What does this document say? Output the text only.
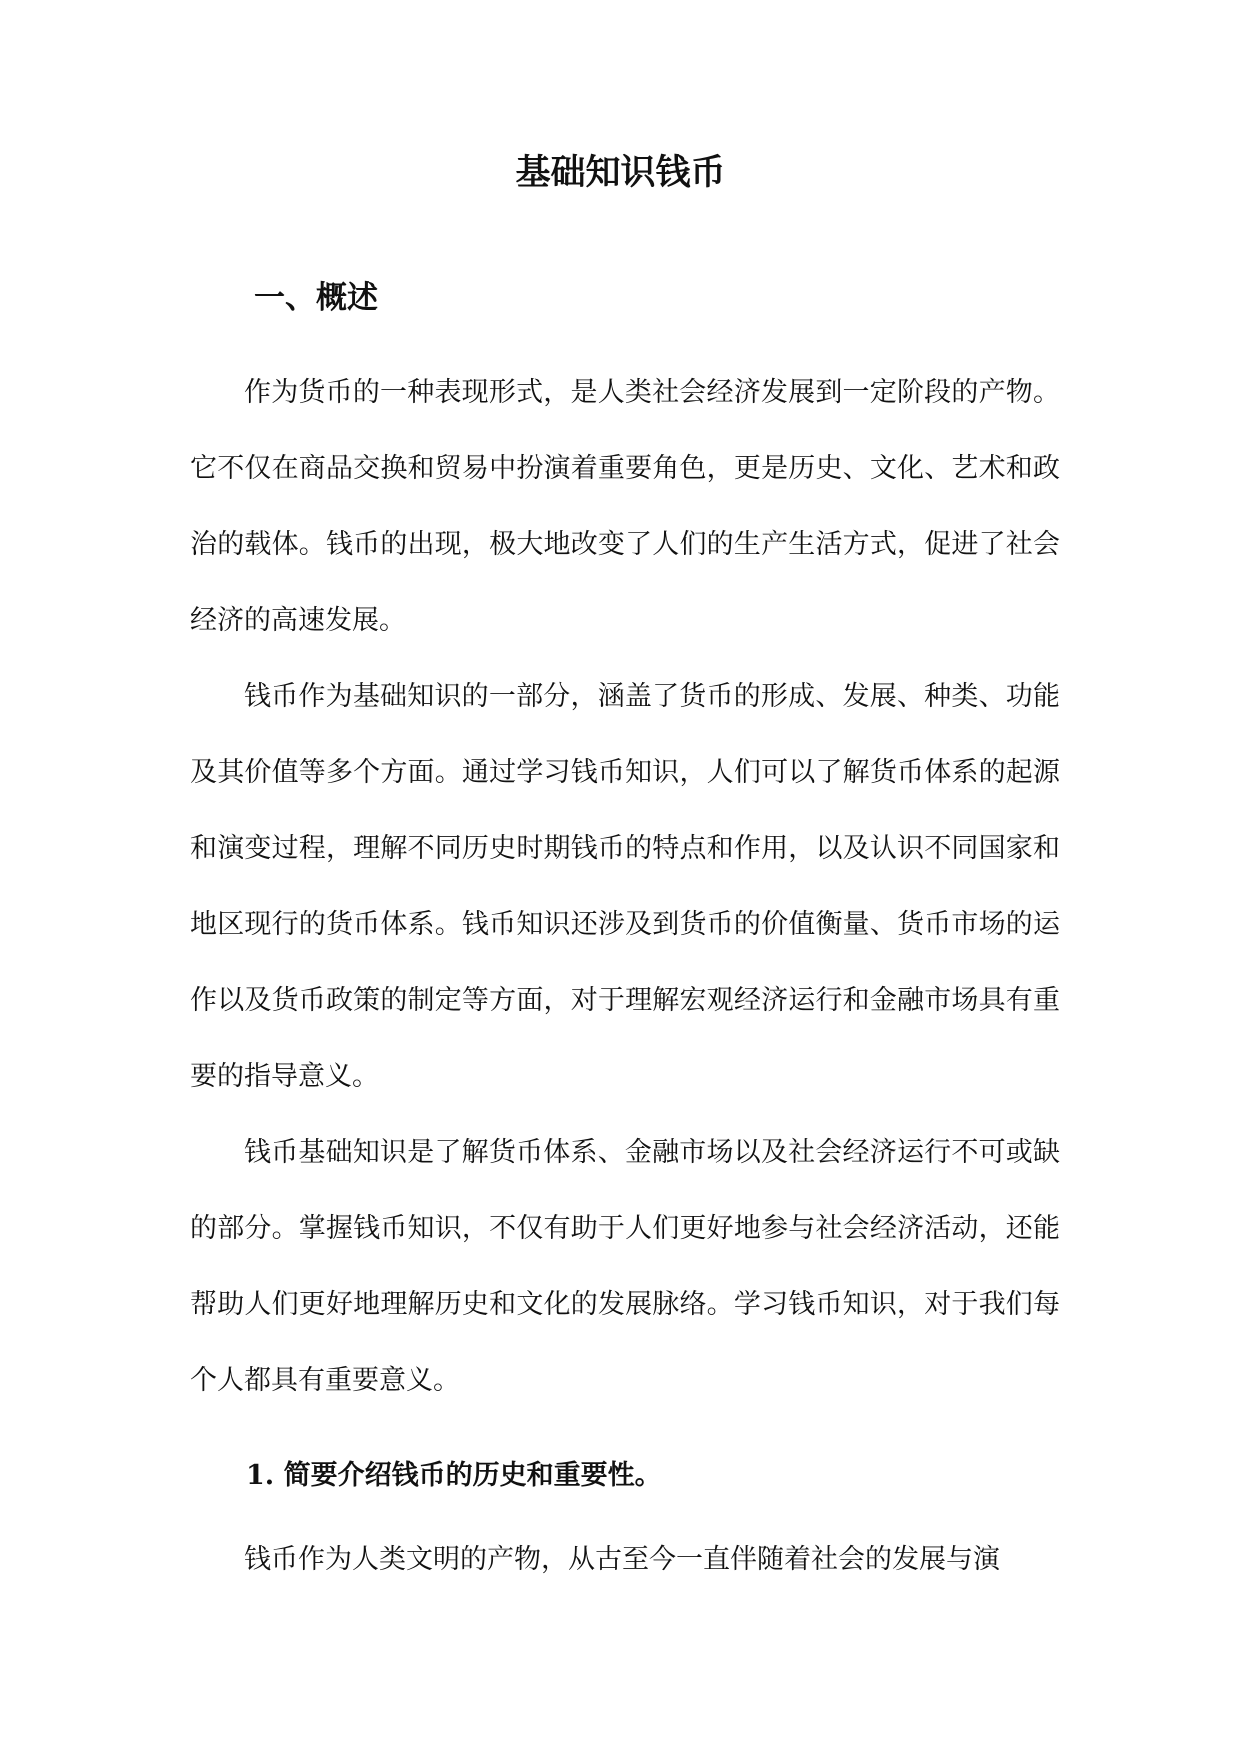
基础知识钱币
一、概述

作为货币的一种表现形式，是人类社会经济发展到一定阶段的产物。它不仅在商品交换和贸易中扮演着重要角色，更是历史、文化、艺术和政治的载体。钱币的出现，极大地改变了人们的生产生活方式，促进了社会经济的高速发展。

钱币作为基础知识的一部分，涵盖了货币的形成、发展、种类、功能及其价值等多个方面。通过学习钱币知识，人们可以了解货币体系的起源和演变过程，理解不同历史时期钱币的特点和作用，以及认识不同国家和地区现行的货币体系。钱币知识还涉及到货币的价值衡量、货币市场的运作以及货币政策的制定等方面，对于理解宏观经济运行和金融市场具有重要的指导意义。

钱币基础知识是了解货币体系、金融市场以及社会经济运行不可或缺的部分。掌握钱币知识，不仅有助于人们更好地参与社会经济活动，还能帮助人们更好地理解历史和文化的发展脉络。学习钱币知识，对于我们每个人都具有重要意义。

1. 简要介绍钱币的历史和重要性。

钱币作为人类文明的产物，从古至今一直伴随着社会的发展与演
